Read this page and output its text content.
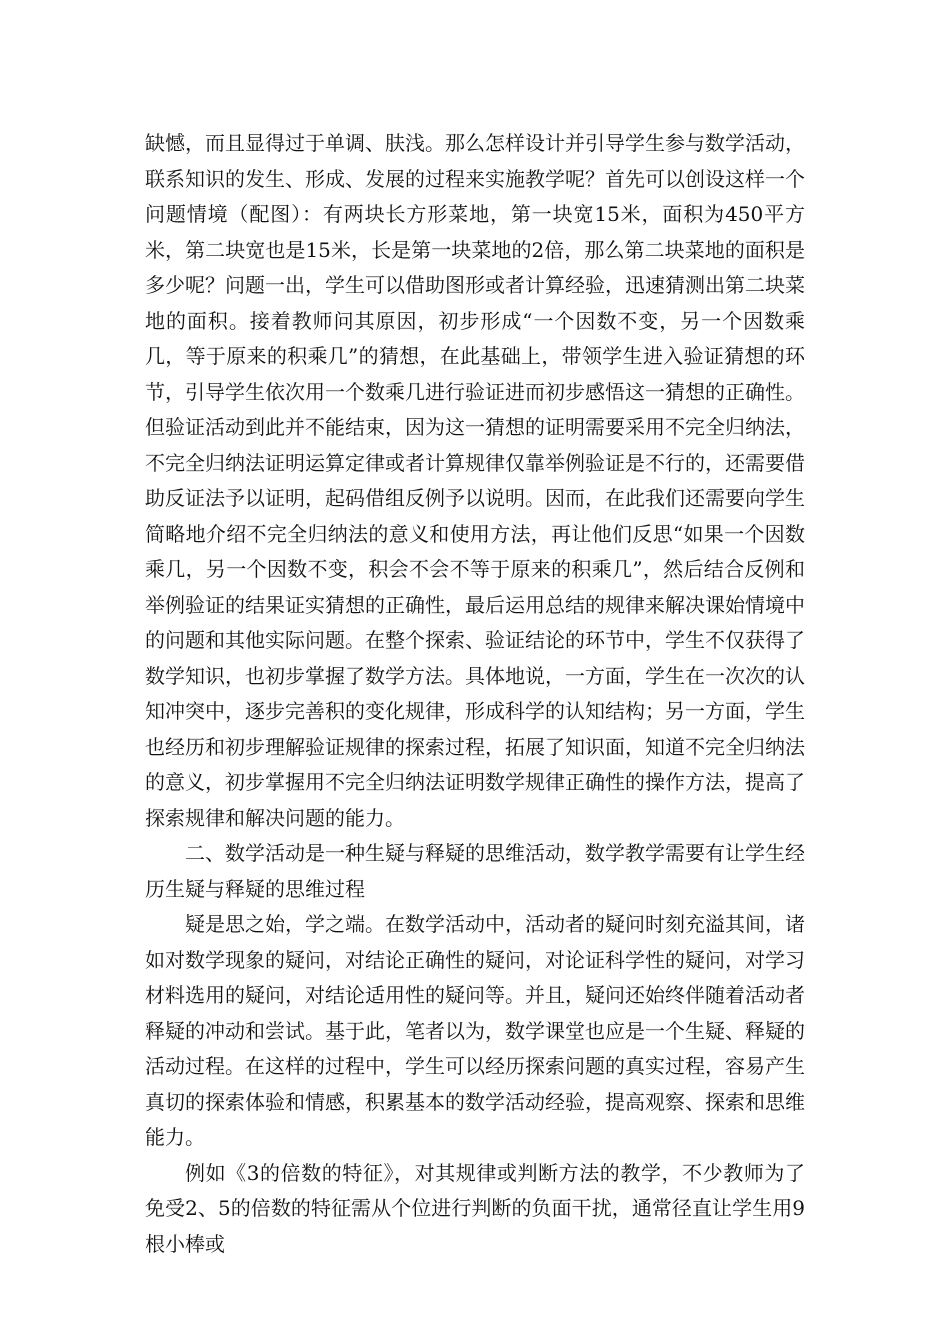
缺憾，而且显得过于单调、肤浅。那么怎样设计并引导学生参与数学活动，联系知识的发生、形成、发展的过程来实施教学呢？首先可以创设这样一个问题情境（配图）：有两块长方形菜地，第一块宽15米，面积为450平方米，第二块宽也是15米，长是第一块菜地的2倍，那么第二块菜地的面积是多少呢？问题一出，学生可以借助图形或者计算经验，迅速猜测出第二块菜地的面积。接着教师问其原因，初步形成“一个因数不变，另一个因数乘几，等于原来的积乘几”的猜想，在此基础上，带领学生进入验证猜想的环节，引导学生依次用一个数乘几进行验证进而初步感悟这一猜想的正确性。但验证活动到此并不能结束，因为这一猜想的证明需要采用不完全归纳法，不完全归纳法证明运算定律或者计算规律仅靠举例验证是不行的，还需要借助反证法予以证明，起码借组反例予以说明。因而，在此我们还需要向学生简略地介绍不完全归纳法的意义和使用方法，再让他们反思“如果一个因数乘几，另一个因数不变，积会不会不等于原来的积乘几”，然后结合反例和举例验证的结果证实猜想的正确性，最后运用总结的规律来解决课始情境中的问题和其他实际问题。在整个探索、验证结论的环节中，学生不仅获得了数学知识，也初步掌握了数学方法。具体地说，一方面，学生在一次次的认知冲突中，逐步完善积的变化规律，形成科学的认知结构；另一方面，学生也经历和初步理解验证规律的探索过程，拓展了知识面，知道不完全归纳法的意义，初步掌握用不完全归纳法证明数学规律正确性的操作方法，提高了探索规律和解决问题的能力。

二、数学活动是一种生疑与释疑的思维活动，数学教学需要有让学生经历生疑与释疑的思维过程

疑是思之始，学之端。在数学活动中，活动者的疑问时刻充溢其间，诸如对数学现象的疑问，对结论正确性的疑问，对论证科学性的疑问，对学习材料选用的疑问，对结论适用性的疑问等。并且，疑问还始终伴随着活动者释疑的冲动和尝试。基于此，笔者以为，数学课堂也应是一个生疑、释疑的活动过程。在这样的过程中，学生可以经历探索问题的真实过程，容易产生真切的探索体验和情感，积累基本的数学活动经验，提高观察、探索和思维能力。

例如《3的倍数的特征》，对其规律或判断方法的教学，不少教师为了免受2、5的倍数的特征需从个位进行判断的负面干扰，通常径直让学生用9根小棒或
